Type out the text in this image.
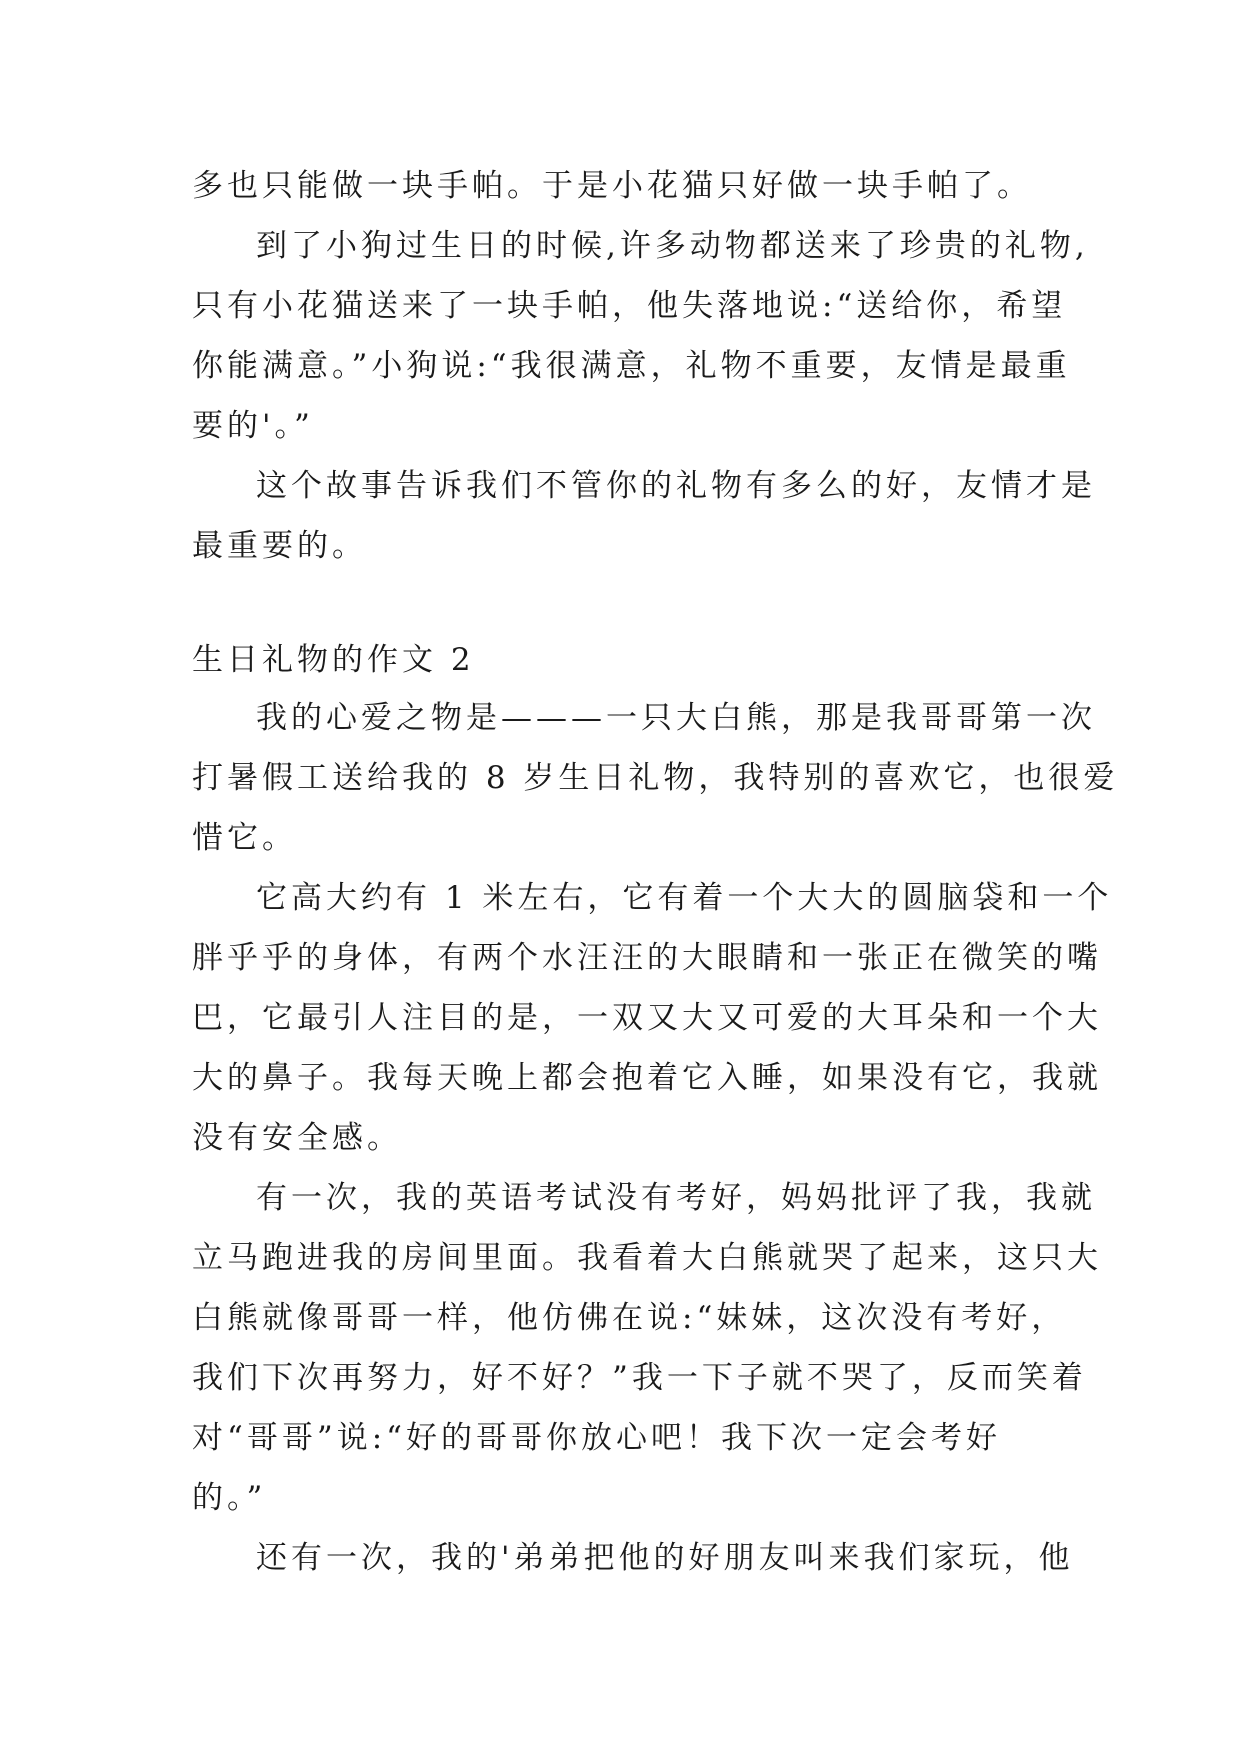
多也只能做一块手帕。于是小花猫只好做一块手帕了。
到了小狗过生日的时候,许多动物都送来了珍贵的礼物,
只有小花猫送来了一块手帕，他失落地说:“送给你，希望
你能满意。”小狗说:“我很满意，礼物不重要，友情是最重
要的'。”
这个故事告诉我们不管你的礼物有多么的好，友情才是
最重要的。
生日礼物的作文 2
我的心爱之物是———一只大白熊，那是我哥哥第一次
打暑假工送给我的 8 岁生日礼物，我特别的喜欢它，也很爱
惜它。
它高大约有 1 米左右，它有着一个大大的圆脑袋和一个
胖乎乎的身体，有两个水汪汪的大眼睛和一张正在微笑的嘴
巴，它最引人注目的是，一双又大又可爱的大耳朵和一个大
大的鼻子。我每天晚上都会抱着它入睡，如果没有它，我就
没有安全感。
有一次，我的英语考试没有考好，妈妈批评了我，我就
立马跑进我的房间里面。我看着大白熊就哭了起来，这只大
白熊就像哥哥一样，他仿佛在说:“妹妹，这次没有考好，
我们下次再努力，好不好？”我一下子就不哭了，反而笑着
对“哥哥”说:“好的哥哥你放心吧！我下次一定会考好
的。”
还有一次，我的'弟弟把他的好朋友叫来我们家玩，他
